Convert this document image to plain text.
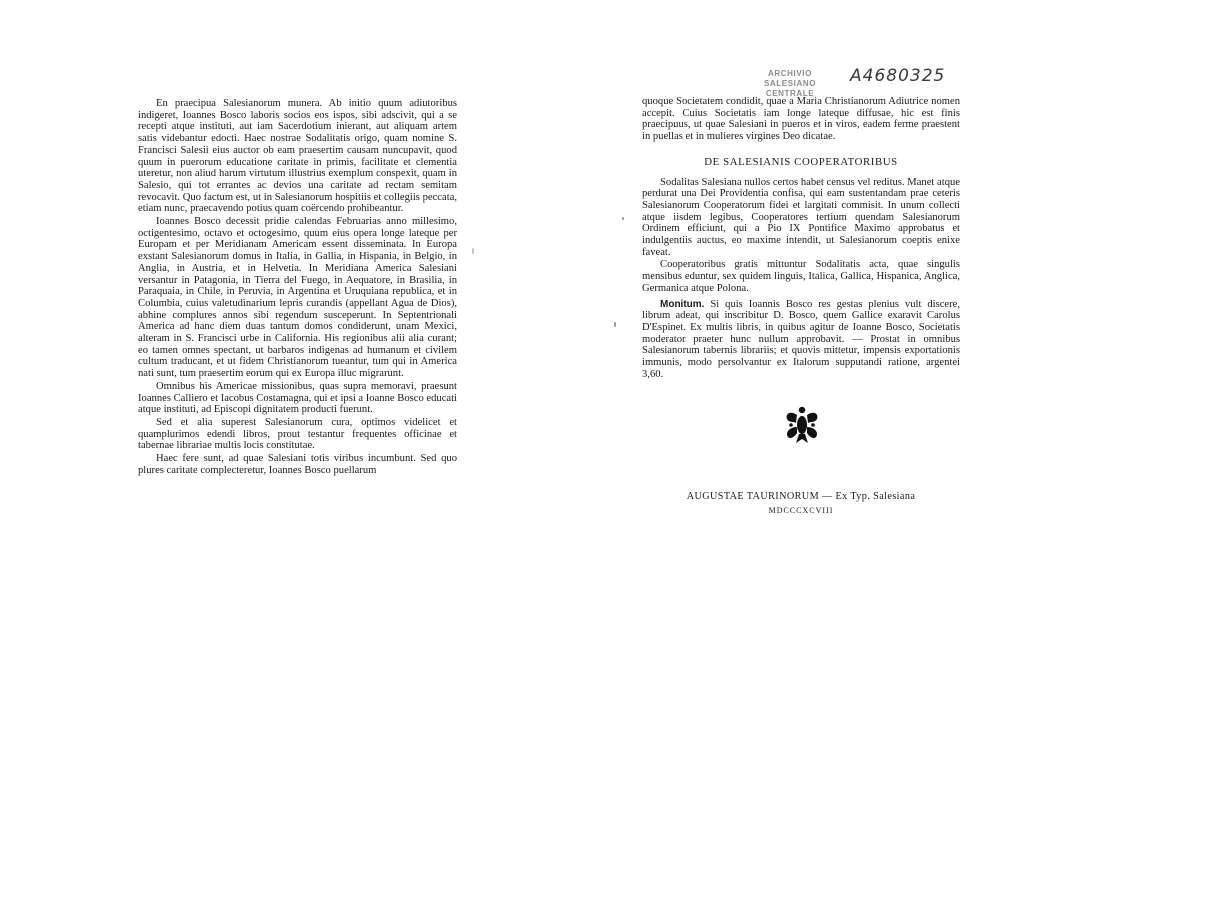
ARCHIVIO SALESIANO
CENTRALE
A4680325

En praecipua Salesianorum munera. Ab initio quum adiutoribus indigeret, Ioannes Bosco laboris socios eos ispos, sibi adscivit, qui a se recepti atque instituti, aut iam Sacerdotium inierant, aut aliquam artem satis videbantur edocti. Haec nostrae Sodalitatis origo, quam nomine S. Francisci Salesii eius auctor ob eam praesertim causam nuncupavit, quod quum in puerorum educatione caritate in primis, facilitate et clementia uteretur, non aliud harum virtutum illustrius exemplum conspexit, quam in Salesio, qui tot errantes ac devios una caritate ad rectam semitam revocavit. Quo factum est, ut in Salesianorum hospitiis et collegiis peccata, etiam nunc, praecavendo potius quam coërcendo prohibeantur.

Ioannes Bosco decessit pridie calendas Februarias anno millesimo, octigentesimo, octavo et octogesimo, quum eius opera longe lateque per Europam et per Meridianam Americam essent disseminata. In Europa exstant Salesianorum domus in Italia, in Gallia, in Hispania, in Belgio, in Anglia, in Austria, et in Helvetia. In Meridiana America Salesiani versantur in Patagonia, in Tierra del Fuego, in Aequatore, in Brasilia, in Paraquaia, in Chile, in Peruvia, in Argentina et Uruquiana republica, et in Columbia, cuius valetudinarium lepris curandis (appellant Agua de Dios), abhine complures annos sibi regendum susceperunt. In Septentrionali America ad hanc diem duas tantum domos condiderunt, unam Mexici, alteram in S. Francisci urbe in California. His regionibus alii alia curant; eo tamen omnes spectant, ut barbaros indigenas ad humanum et civilem cultum traducant, et ut fidem Christianorum tueantur, tum qui in America nati sunt, tum praesertim eorum qui ex Europa illuc migrarunt.

Omnibus his Americae missionibus, quas supra memoravi, praesunt Ioannes Calliero et Iacobus Costamagna, qui et ipsi a Ioanne Bosco educati atque instituti, ad Episcopi dignitatem producti fuerunt.

Sed et alia superest Salesianorum cura, optimos videlicet et quamplurimos edendi libros, prout testantur frequentes officinae et tabernae librariae multis locis constitutae.

Haec fere sunt, ad quae Salesiani totis viribus incumbunt. Sed quo plures caritate complecteretur, Ioannes Bosco puellarum

quoque Societatem condidit, quae a Maria Christianorum Adiutrice nomen accepit. Cuius Societatis iam longe lateque diffusae, hic est finis praecipuus, ut quae Salesiani in pueros et in viros, eadem ferme praestent in puellas et in mulieres virgines Deo dicatae.

DE SALESIANIS COOPERATORIBUS

Sodalitas Salesiana nullos certos habet census vel reditus. Manet atque perdurat una Dei Providentia confisa, qui eam sustentandam prae ceteris Salesianorum Cooperatorum fidei et largitati commisit. In unum collecti atque iisdem legibus, Cooperatores tertium quendam Salesianorum Ordinem efficiunt, qui a Pio IX Pontifice Maximo approbatus et indulgentiis auctus, eo maxime intendit, ut Salesianorum coeptis enixe faveat.

Cooperatoribus gratis mittuntur Sodalitatis acta, quae singulis mensibus eduntur, sex quidem linguis, Italica, Gallica, Hispanica, Anglica, Germanica atque Polona.

Monitum. Si quis Ioannis Bosco res gestas plenius vult discere, librum adeat, qui inscribitur D. Bosco, quem Gallice exaravit Carolus D'Espinet. Ex multis libris, in quibus agitur de Ioanne Bosco, Societatis moderator praeter hunc nullum approbavit. — Prostat in omnibus Salesianorum tabernis librariis; et quovis mittetur, impensis exportationis immunis, modo persolvantur ex Italorum supputandi ratione, argentei 3,60.

AUGUSTAE TAURINORUM — Ex Typ. Salesiana
MDCCCXCVIII
